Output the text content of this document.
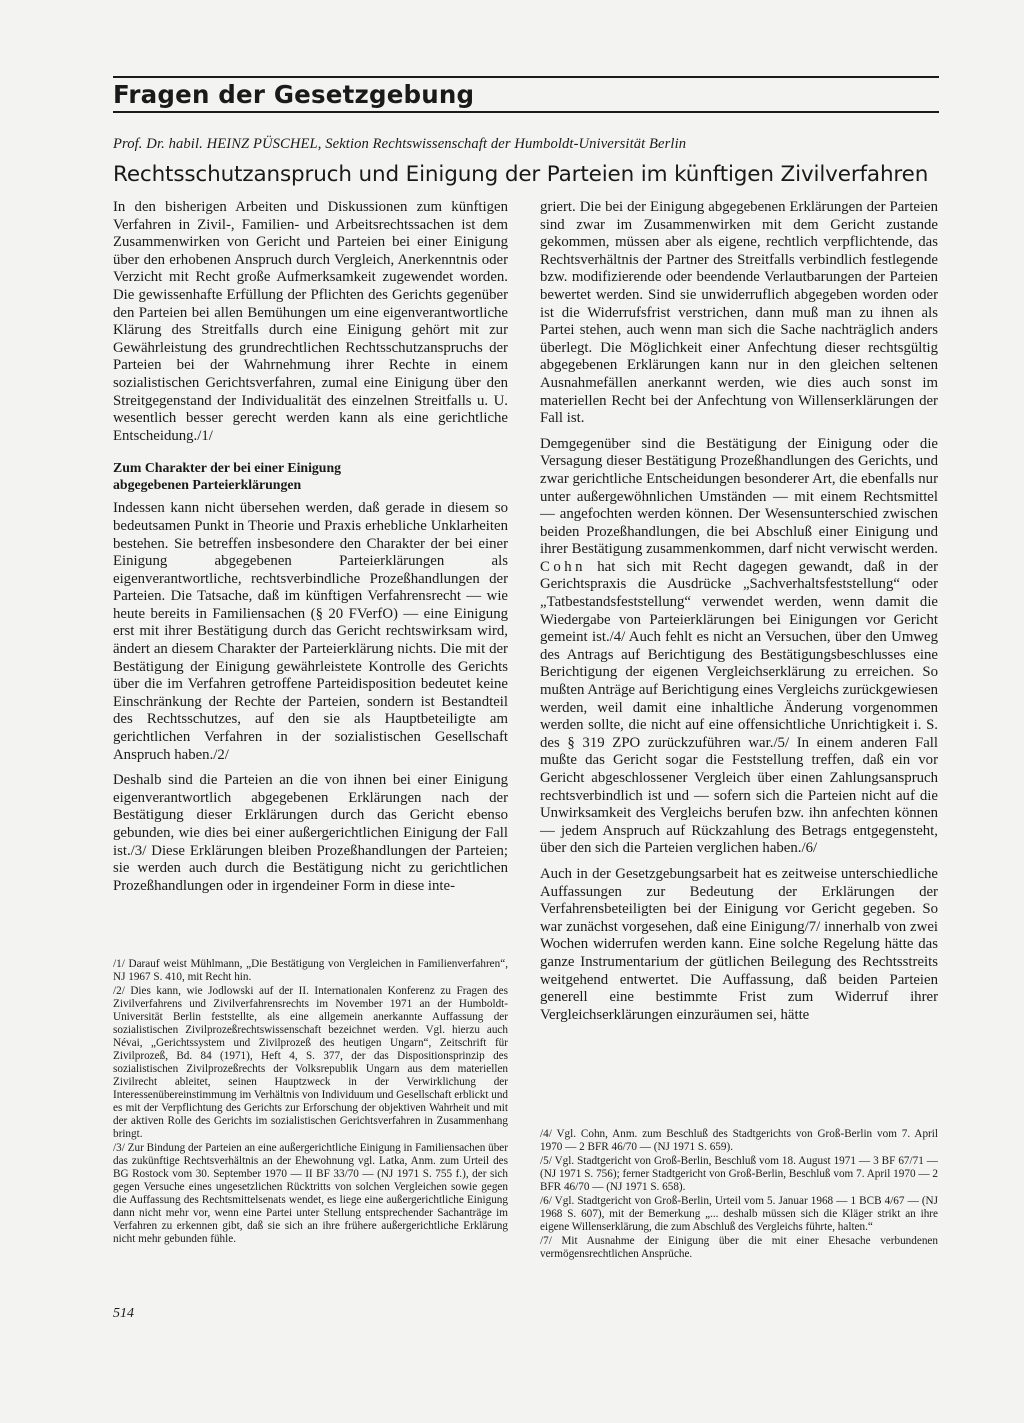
Fragen der Gesetzgebung
Prof. Dr. habil. HEINZ PÜSCHEL, Sektion Rechtswissenschaft der Humboldt-Universität Berlin
Rechtsschutzanspruch und Einigung der Parteien im künftigen Zivilverfahren

In den bisherigen Arbeiten und Diskussionen zum künftigen Verfahren in Zivil-, Familien- und Arbeitsrechtssachen ist dem Zusammenwirken von Gericht und Parteien bei einer Einigung über den erhobenen Anspruch durch Vergleich, Anerkenntnis oder Verzicht mit Recht große Aufmerksamkeit zugewendet worden. Die gewissenhafte Erfüllung der Pflichten des Gerichts gegenüber den Parteien bei allen Bemühungen um eine eigenverantwortliche Klärung des Streitfalls durch eine Einigung gehört mit zur Gewährleistung des grundrechtlichen Rechtsschutzanspruchs der Parteien bei der Wahrnehmung ihrer Rechte in einem sozialistischen Gerichtsverfahren, zumal eine Einigung über den Streitgegenstand der Individualität des einzelnen Streitfalls u. U. wesentlich besser gerecht werden kann als eine gerichtliche Entscheidung./1/

Zum Charakter der bei einer Einigung
abgegebenen Parteierklärungen

Indessen kann nicht übersehen werden, daß gerade in diesem so bedeutsamen Punkt in Theorie und Praxis erhebliche Unklarheiten bestehen. Sie betreffen insbesondere den Charakter der bei einer Einigung abgegebenen Parteierklärungen als eigenverantwortliche, rechtsverbindliche Prozeßhandlungen der Parteien. Die Tatsache, daß im künftigen Verfahrensrecht — wie heute bereits in Familiensachen (§ 20 FVerfO) — eine Einigung erst mit ihrer Bestätigung durch das Gericht rechtswirksam wird, ändert an diesem Charakter der Parteierklärung nichts. Die mit der Bestätigung der Einigung gewährleistete Kontrolle des Gerichts über die im Verfahren getroffene Parteidisposition bedeutet keine Einschränkung der Rechte der Parteien, sondern ist Bestandteil des Rechtsschutzes, auf den sie als Hauptbeteiligte am gerichtlichen Verfahren in der sozialistischen Gesellschaft Anspruch haben./2/

Deshalb sind die Parteien an die von ihnen bei einer Einigung eigenverantwortlich abgegebenen Erklärungen nach der Bestätigung dieser Erklärungen durch das Gericht ebenso gebunden, wie dies bei einer außergerichtlichen Einigung der Fall ist./3/ Diese Erklärungen bleiben Prozeßhandlungen der Parteien; sie werden auch durch die Bestätigung nicht zu gerichtlichen Prozeßhandlungen oder in irgendeiner Form in diese inte-

/1/ Darauf weist Mühlmann, „Die Bestätigung von Vergleichen in Familienverfahren“, NJ 1967 S. 410, mit Recht hin.

/2/ Dies kann, wie Jodlowski auf der II. Internationalen Konferenz zu Fragen des Zivilverfahrens und Zivilverfahrensrechts im November 1971 an der Humboldt-Universität Berlin feststellte, als eine allgemein anerkannte Auffassung der sozialistischen Zivilprozeßrechtswissenschaft bezeichnet werden. Vgl. hierzu auch Névai, „Gerichtssystem und Zivilprozeß des heutigen Ungarn“, Zeitschrift für Zivilprozeß, Bd. 84 (1971), Heft 4, S. 377, der das Dispositionsprinzip des sozialistischen Zivilprozeßrechts der Volksrepublik Ungarn aus dem materiellen Zivilrecht ableitet, seinen Hauptzweck in der Verwirklichung der Interessenübereinstimmung im Verhältnis von Individuum und Gesellschaft erblickt und es mit der Verpflichtung des Gerichts zur Erforschung der objektiven Wahrheit und mit der aktiven Rolle des Gerichts im sozialistischen Gerichtsverfahren in Zusammenhang bringt.

/3/ Zur Bindung der Parteien an eine außergerichtliche Einigung in Familiensachen über das zukünftige Rechtsverhältnis an der Ehewohnung vgl. Latka, Anm. zum Urteil des BG Rostock vom 30. September 1970 — II BF 33/70 — (NJ 1971 S. 755 f.), der sich gegen Versuche eines ungesetzlichen Rücktritts von solchen Vergleichen sowie gegen die Auffassung des Rechtsmittelsenats wendet, es liege eine außergerichtliche Einigung dann nicht mehr vor, wenn eine Partei unter Stellung entsprechender Sachanträge im Verfahren zu erkennen gibt, daß sie sich an ihre frühere außergerichtliche Erklärung nicht mehr gebunden fühle.

griert. Die bei der Einigung abgegebenen Erklärungen der Parteien sind zwar im Zusammenwirken mit dem Gericht zustande gekommen, müssen aber als eigene, rechtlich verpflichtende, das Rechtsverhältnis der Partner des Streitfalls verbindlich festlegende bzw. modifizierende oder beendende Verlautbarungen der Parteien bewertet werden. Sind sie unwiderruflich abgegeben worden oder ist die Widerrufsfrist verstrichen, dann muß man zu ihnen als Partei stehen, auch wenn man sich die Sache nachträglich anders überlegt. Die Möglichkeit einer Anfechtung dieser rechtsgültig abgegebenen Erklärungen kann nur in den gleichen seltenen Ausnahmefällen anerkannt werden, wie dies auch sonst im materiellen Recht bei der Anfechtung von Willenserklärungen der Fall ist.

Demgegenüber sind die Bestätigung der Einigung oder die Versagung dieser Bestätigung Prozeßhandlungen des Gerichts, und zwar gerichtliche Entscheidungen besonderer Art, die ebenfalls nur unter außergewöhnlichen Umständen — mit einem Rechtsmittel — angefochten werden können. Der Wesensunterschied zwischen beiden Prozeßhandlungen, die bei Abschluß einer Einigung und ihrer Bestätigung zusammenkommen, darf nicht verwischt werden. Cohn hat sich mit Recht dagegen gewandt, daß in der Gerichtspraxis die Ausdrücke „Sachverhaltsfeststellung“ oder „Tatbestandsfeststellung“ verwendet werden, wenn damit die Wiedergabe von Parteierklärungen bei Einigungen vor Gericht gemeint ist./4/ Auch fehlt es nicht an Versuchen, über den Umweg des Antrags auf Berichtigung des Bestätigungsbeschlusses eine Berichtigung der eigenen Vergleichserklärung zu erreichen. So mußten Anträge auf Berichtigung eines Vergleichs zurückgewiesen werden, weil damit eine inhaltliche Änderung vorgenommen werden sollte, die nicht auf eine offensichtliche Unrichtigkeit i. S. des § 319 ZPO zurückzuführen war./5/ In einem anderen Fall mußte das Gericht sogar die Feststellung treffen, daß ein vor Gericht abgeschlossener Vergleich über einen Zahlungsanspruch rechtsverbindlich ist und — sofern sich die Parteien nicht auf die Unwirksamkeit des Vergleichs berufen bzw. ihn anfechten können — jedem Anspruch auf Rückzahlung des Betrags entgegensteht, über den sich die Parteien verglichen haben./6/

Auch in der Gesetzgebungsarbeit hat es zeitweise unterschiedliche Auffassungen zur Bedeutung der Erklärungen der Verfahrensbeteiligten bei der Einigung vor Gericht gegeben. So war zunächst vorgesehen, daß eine Einigung/7/ innerhalb von zwei Wochen widerrufen werden kann. Eine solche Regelung hätte das ganze Instrumentarium der gütlichen Beilegung des Rechtsstreits weitgehend entwertet. Die Auffassung, daß beiden Parteien generell eine bestimmte Frist zum Widerruf ihrer Vergleichserklärungen einzuräumen sei, hätte

/4/ Vgl. Cohn, Anm. zum Beschluß des Stadtgerichts von Groß-Berlin vom 7. April 1970 — 2 BFR 46/70 — (NJ 1971 S. 659).

/5/ Vgl. Stadtgericht von Groß-Berlin, Beschluß vom 18. August 1971 — 3 BF 67/71 — (NJ 1971 S. 756); ferner Stadtgericht von Groß-Berlin, Beschluß vom 7. April 1970 — 2 BFR 46/70 — (NJ 1971 S. 658).

/6/ Vgl. Stadtgericht von Groß-Berlin, Urteil vom 5. Januar 1968 — 1 BCB 4/67 — (NJ 1968 S. 607), mit der Bemerkung „... deshalb müssen sich die Kläger strikt an ihre eigene Willenserklärung, die zum Abschluß des Vergleichs führte, halten.“

/7/ Mit Ausnahme der Einigung über die mit einer Ehesache verbundenen vermögensrechtlichen Ansprüche.

514
